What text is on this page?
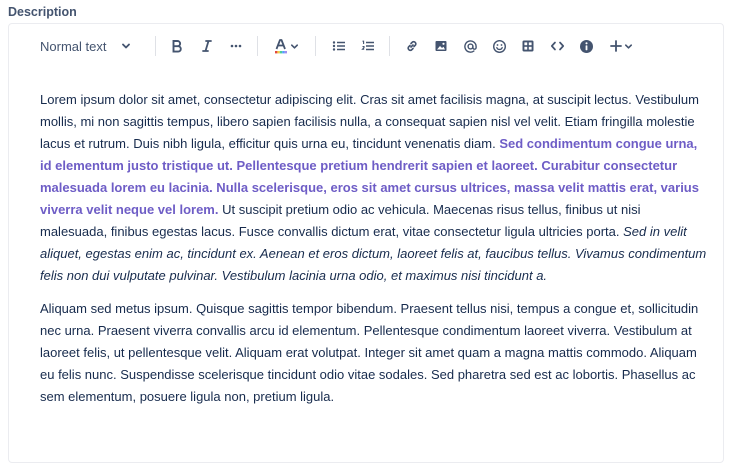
Description
Normal text

Lorem ipsum dolor sit amet, consectetur adipiscing elit. Cras sit amet facilisis magna, at suscipit lectus. Vestibulum mollis, mi non sagittis tempus, libero sapien facilisis nulla, a consequat sapien nisl vel velit. Etiam fringilla molestie lacus et rutrum. Duis nibh ligula, efficitur quis urna eu, tincidunt venenatis diam. Sed condimentum congue urna, id elementum justo tristique ut. Pellentesque pretium hendrerit sapien et laoreet. Curabitur consectetur malesuada lorem eu lacinia. Nulla scelerisque, eros sit amet cursus ultrices, massa velit mattis erat, varius viverra velit neque vel lorem. Ut suscipit pretium odio ac vehicula. Maecenas risus tellus, finibus ut nisi malesuada, finibus egestas lacus. Fusce convallis dictum erat, vitae consectetur ligula ultricies porta. Sed in velit aliquet, egestas enim ac, tincidunt ex. Aenean et eros dictum, laoreet felis at, faucibus tellus. Vivamus condimentum felis non dui vulputate pulvinar. Vestibulum lacinia urna odio, et maximus nisi tincidunt a.

Aliquam sed metus ipsum. Quisque sagittis tempor bibendum. Praesent tellus nisi, tempus a congue et, sollicitudin nec urna. Praesent viverra convallis arcu id elementum. Pellentesque condimentum laoreet viverra. Vestibulum at laoreet felis, ut pellentesque velit. Aliquam erat volutpat. Integer sit amet quam a magna mattis commodo. Aliquam eu felis nunc. Suspendisse scelerisque tincidunt odio vitae sodales. Sed pharetra sed est ac lobortis. Phasellus ac sem elementum, posuere ligula non, pretium ligula.
